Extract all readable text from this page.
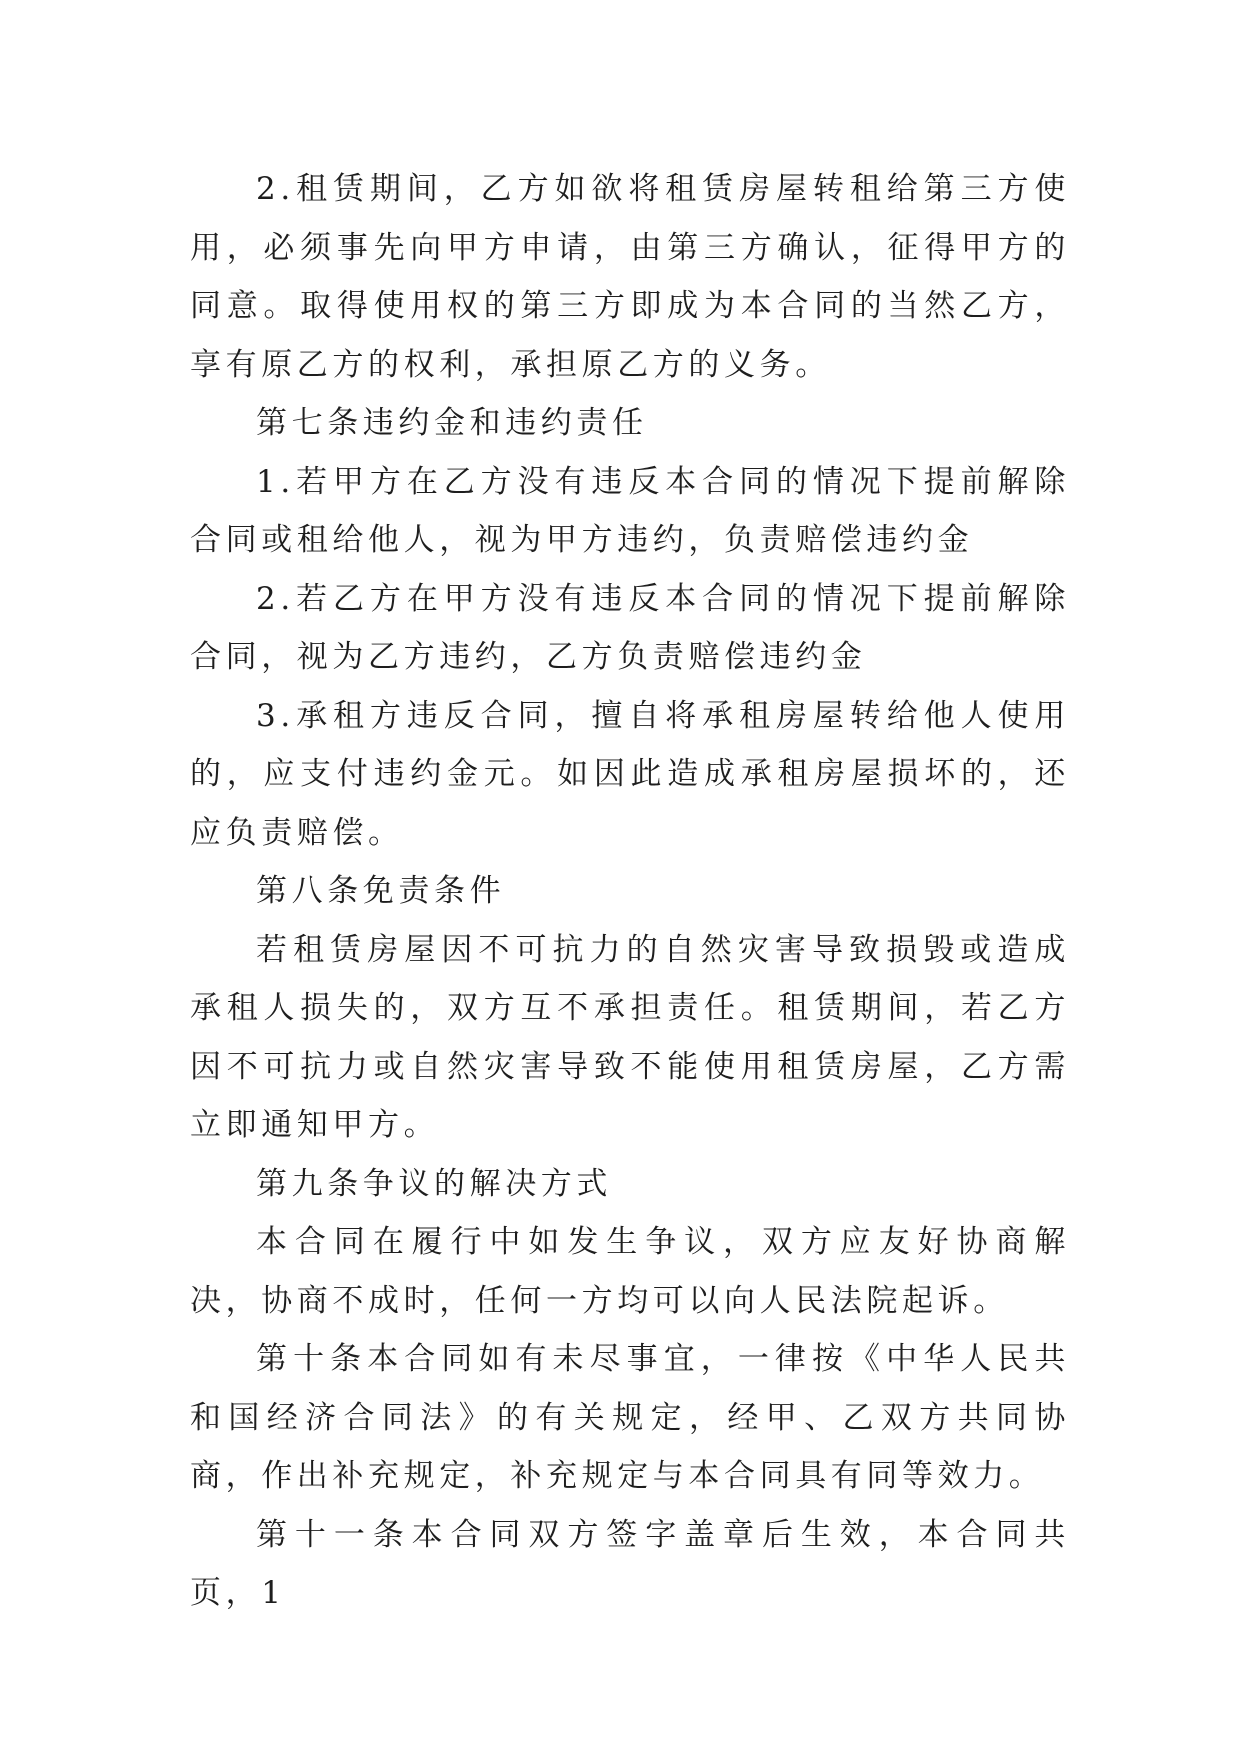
2.租赁期间，乙方如欲将租赁房屋转租给第三方使用，必须事先向甲方申请，由第三方确认，征得甲方的同意。取得使用权的第三方即成为本合同的当然乙方，享有原乙方的权利，承担原乙方的义务。

第七条违约金和违约责任

1.若甲方在乙方没有违反本合同的情况下提前解除合同或租给他人，视为甲方违约，负责赔偿违约金

2.若乙方在甲方没有违反本合同的情况下提前解除合同，视为乙方违约，乙方负责赔偿违约金

3.承租方违反合同，擅自将承租房屋转给他人使用的，应支付违约金元。如因此造成承租房屋损坏的，还应负责赔偿。

第八条免责条件

若租赁房屋因不可抗力的自然灾害导致损毁或造成承租人损失的，双方互不承担责任。租赁期间，若乙方因不可抗力或自然灾害导致不能使用租赁房屋，乙方需立即通知甲方。

第九条争议的解决方式

本合同在履行中如发生争议，双方应友好协商解决，协商不成时，任何一方均可以向人民法院起诉。

第十条本合同如有未尽事宜，一律按《中华人民共和国经济合同法》的有关规定，经甲、乙双方共同协商，作出补充规定，补充规定与本合同具有同等效力。

第十一条本合同双方签字盖章后生效，本合同共页，1
